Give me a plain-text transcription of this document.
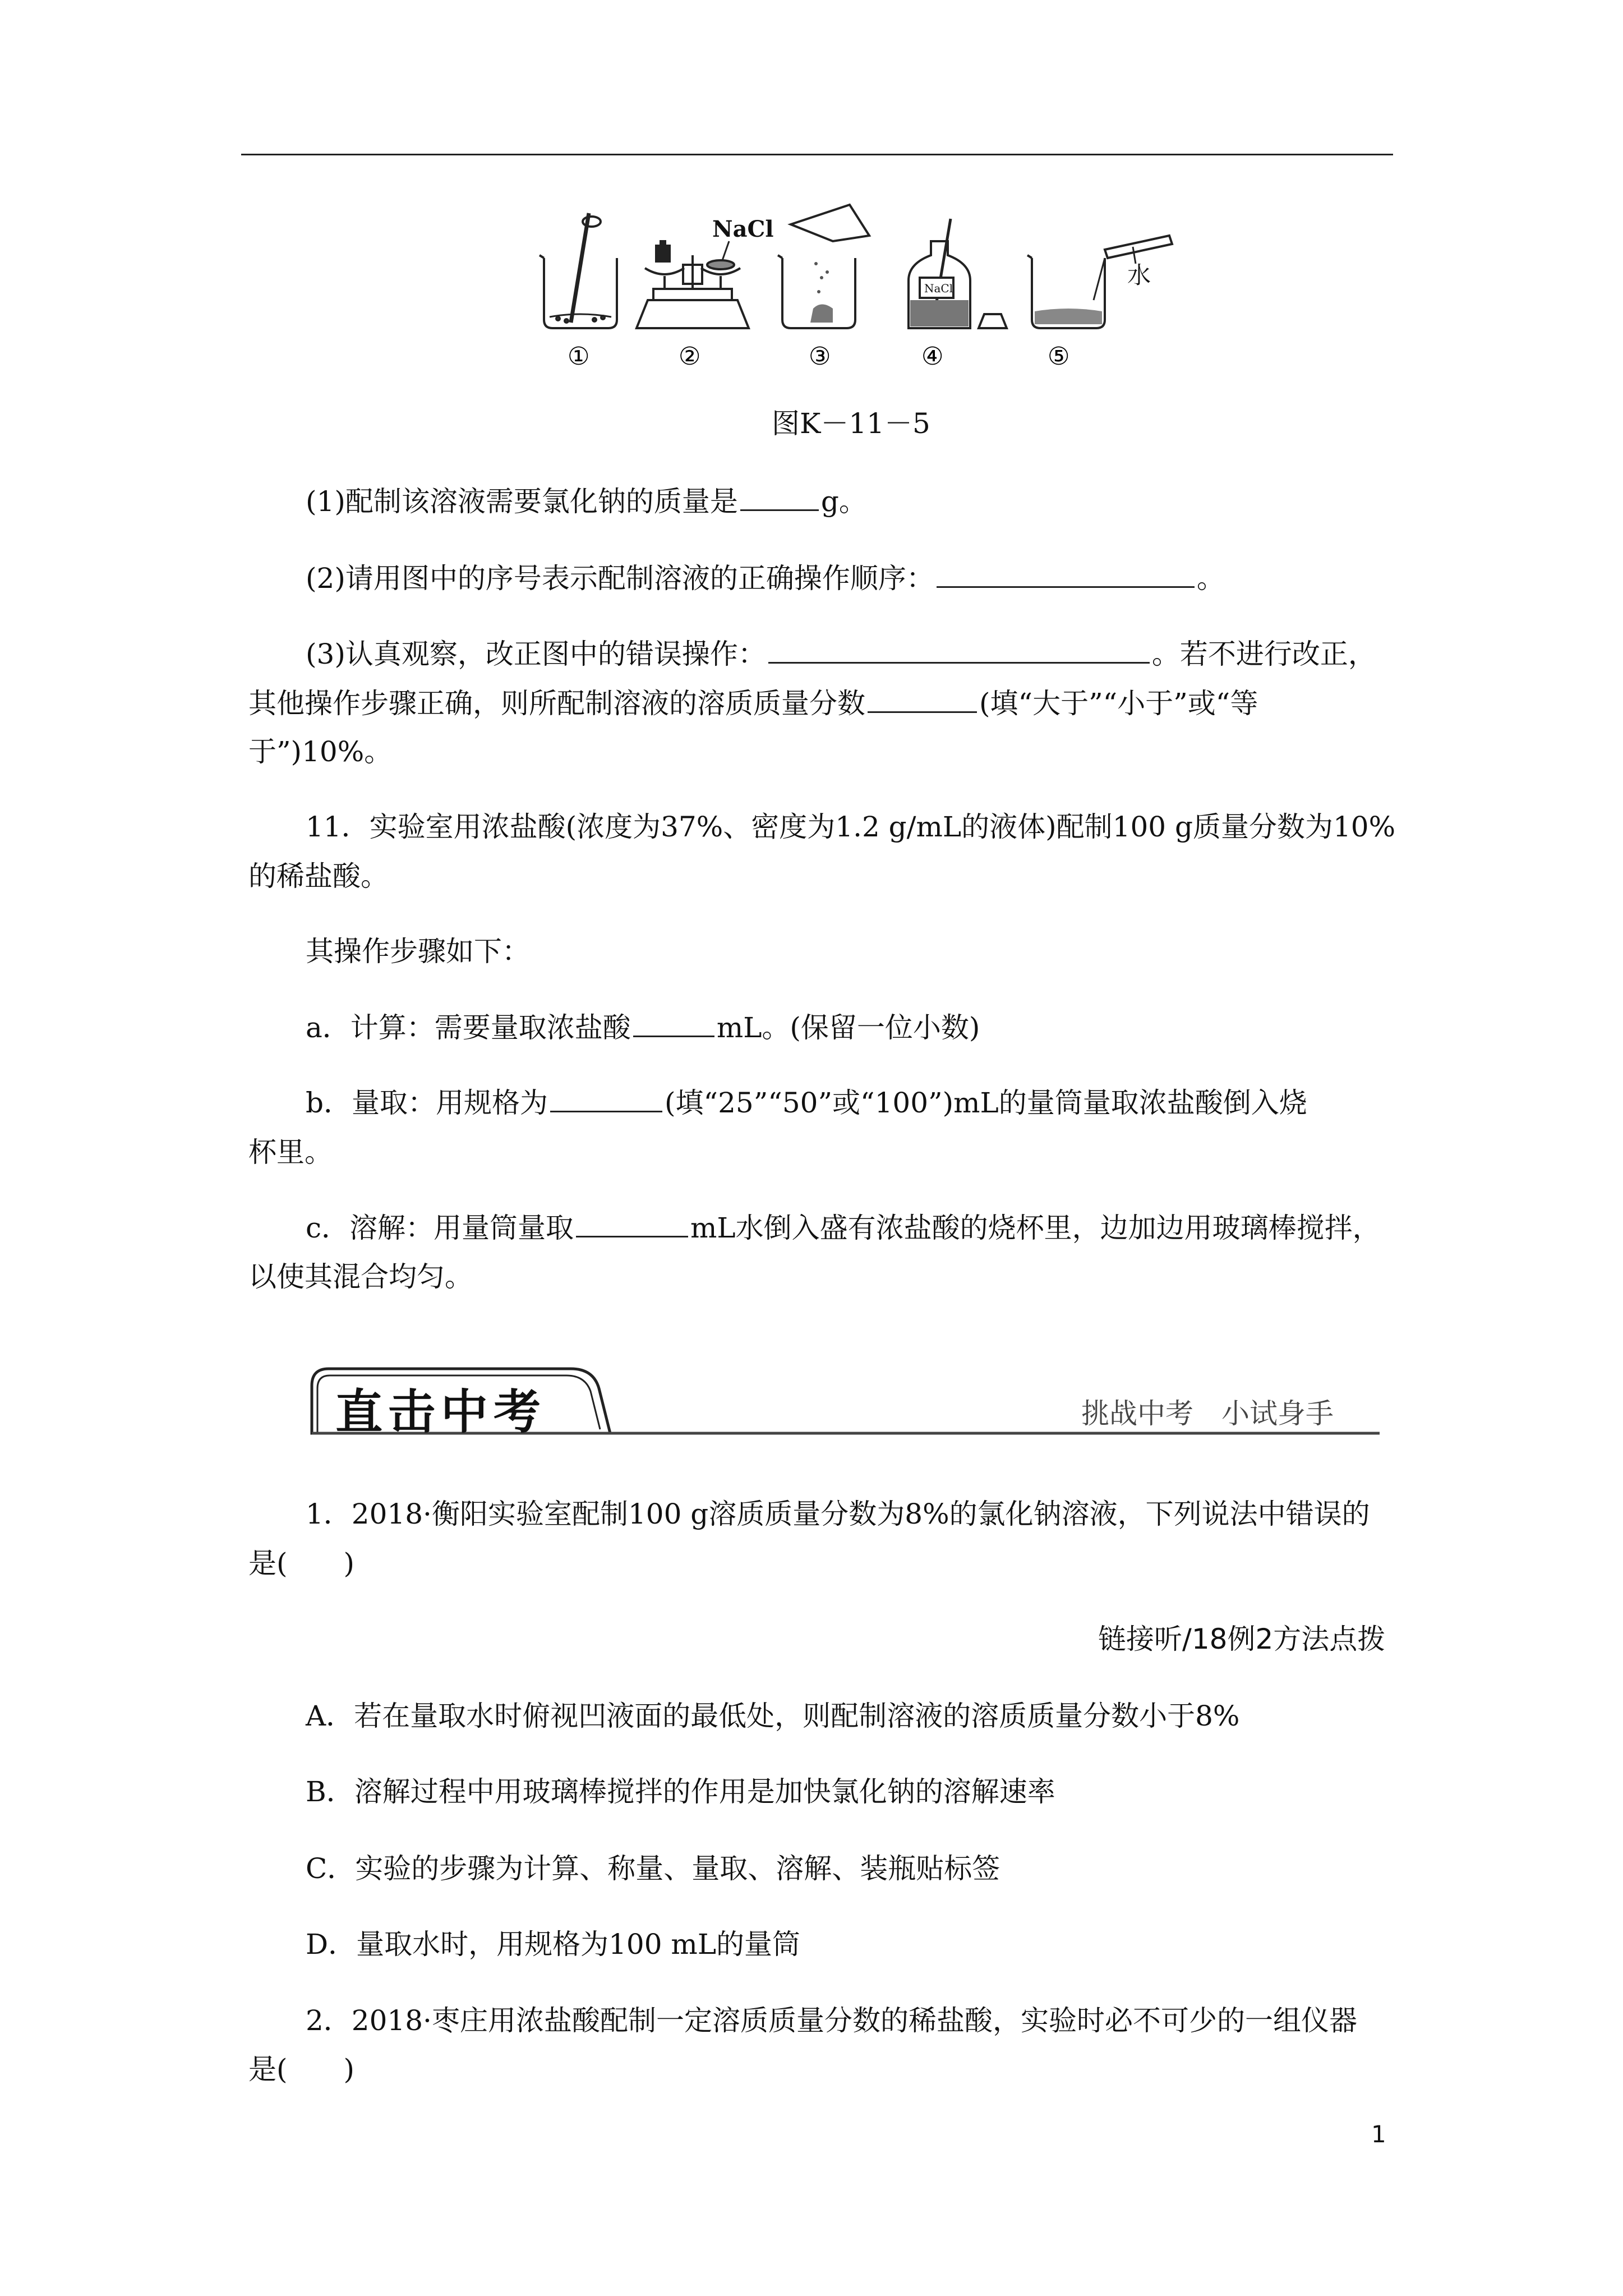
NaCl
NaCl	水
①	②	③	④	⑤
图K－11－5
(1)配制该溶液需要氯化钠的质量是	g。
(2)请用图中的序号表示配制溶液的正确操作顺序：	。
(3)认真观察，改正图中的错误操作：	。若不进行改正，
其他操作步骤正确，则所配制溶液的溶质质量分数	(填“大于”“小于”或“等
于”)10%。
11．实验室用浓盐酸(浓度为37%、密度为1.2 g/mL的液体)配制100 g质量分数为10%
的稀盐酸。
其操作步骤如下：
a．计算：需要量取浓盐酸	mL。(保留一位小数)
b．量取：用规格为	(填“25”“50”或“100”)mL的量筒量取浓盐酸倒入烧
杯里。
c．溶解：用量筒量取	mL水倒入盛有浓盐酸的烧杯里，边加边用玻璃棒搅拌，
以使其混合均匀。
直击中考	挑战中考　小试身手
1．2018·衡阳实验室配制100 g溶质质量分数为8%的氯化钠溶液，下列说法中错误的
是(　　)
链接听/18例2方法点拨
A．若在量取水时俯视凹液面的最低处，则配制溶液的溶质质量分数小于8%
B．溶解过程中用玻璃棒搅拌的作用是加快氯化钠的溶解速率
C．实验的步骤为计算、称量、量取、溶解、装瓶贴标签
D．量取水时，用规格为100 mL的量筒
2．2018·枣庄用浓盐酸配制一定溶质质量分数的稀盐酸，实验时必不可少的一组仪器
是(　　)
1
